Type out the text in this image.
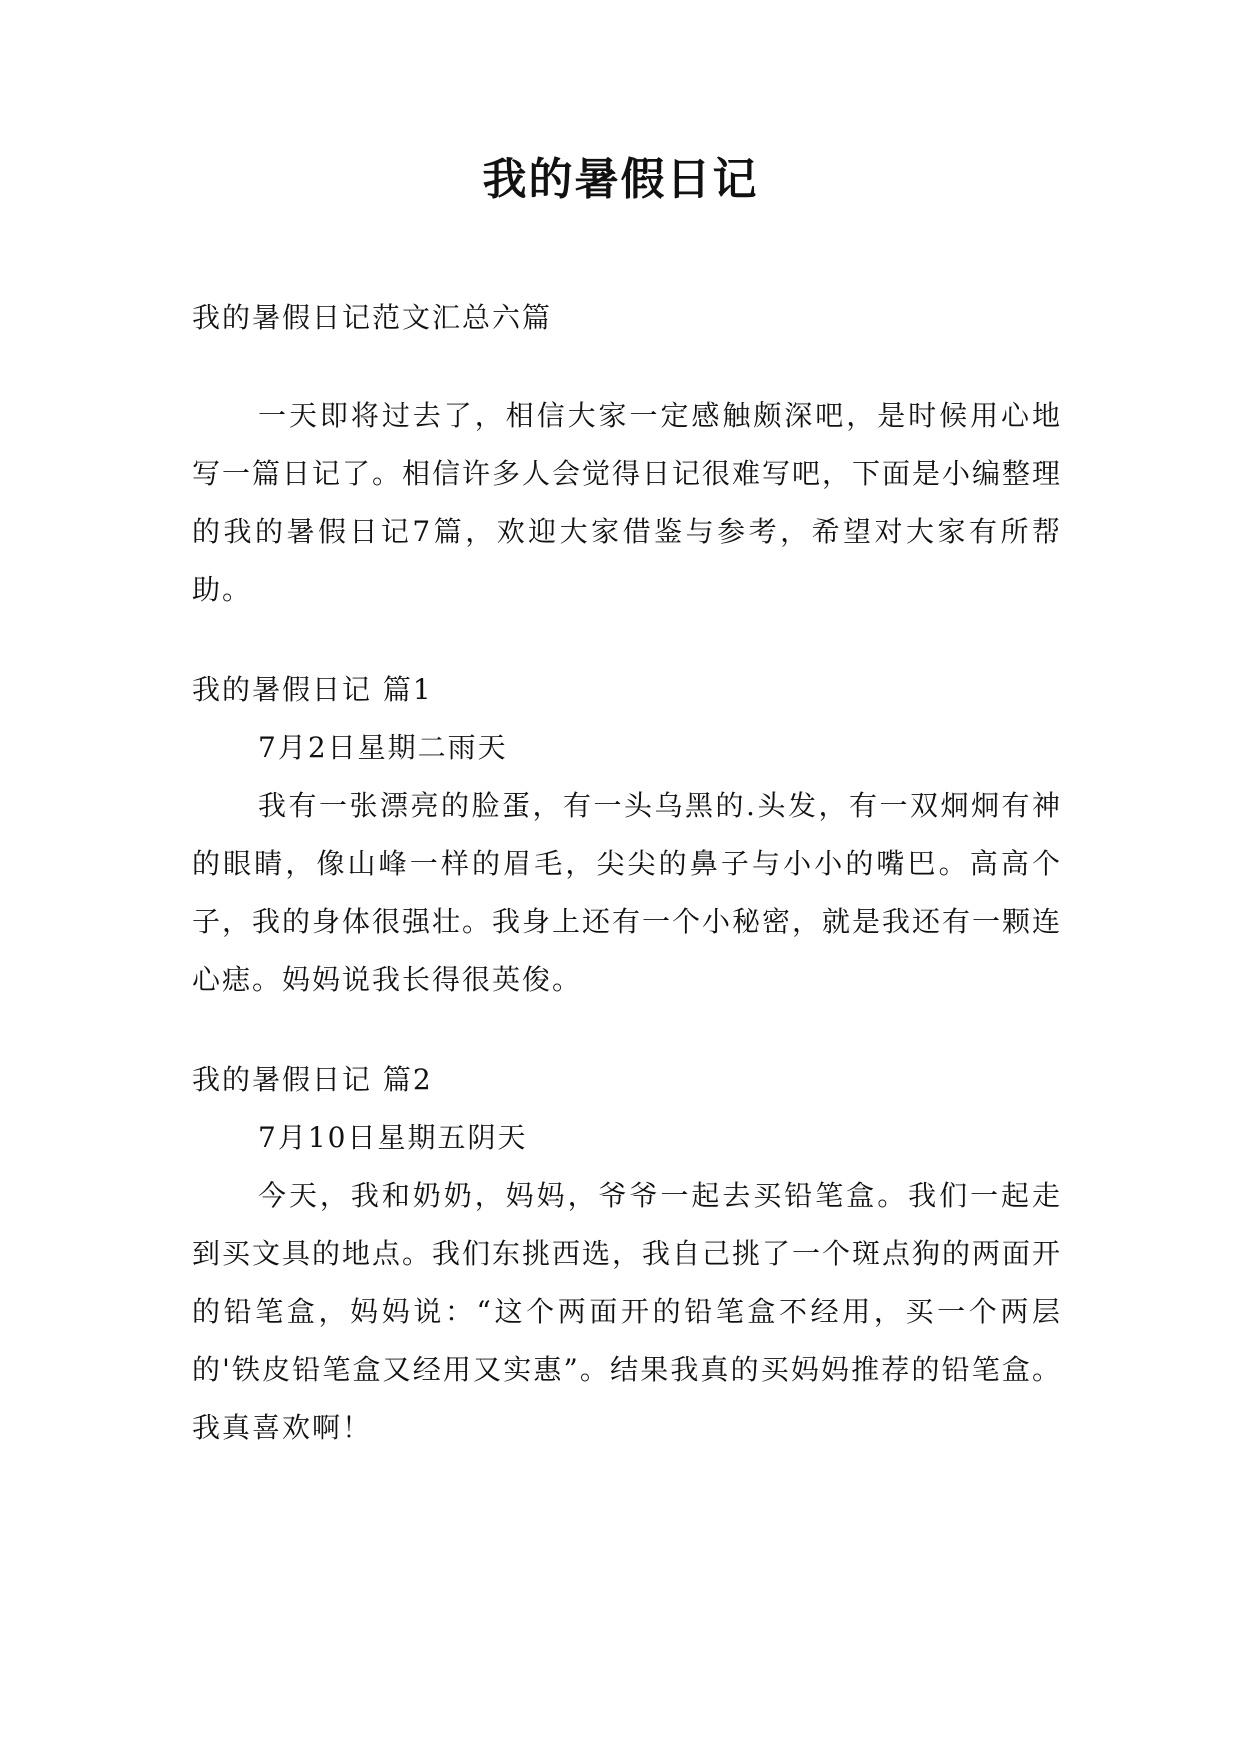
我的暑假日记

我的暑假日记范文汇总六篇

一天即将过去了，相信大家一定感触颇深吧，是时候用心地写一篇日记了。相信许多人会觉得日记很难写吧，下面是小编整理的我的暑假日记7篇，欢迎大家借鉴与参考，希望对大家有所帮助。

我的暑假日记 篇1

7月2日星期二雨天

我有一张漂亮的脸蛋，有一头乌黑的.头发，有一双炯炯有神的眼睛，像山峰一样的眉毛，尖尖的鼻子与小小的嘴巴。高高个子，我的身体很强壮。我身上还有一个小秘密，就是我还有一颗连心痣。妈妈说我长得很英俊。

我的暑假日记 篇2

7月10日星期五阴天

今天，我和奶奶，妈妈，爷爷一起去买铅笔盒。我们一起走到买文具的地点。我们东挑西选，我自己挑了一个斑点狗的两面开的铅笔盒，妈妈说：“这个两面开的铅笔盒不经用，买一个两层的'铁皮铅笔盒又经用又实惠”。结果我真的买妈妈推荐的铅笔盒。我真喜欢啊！
